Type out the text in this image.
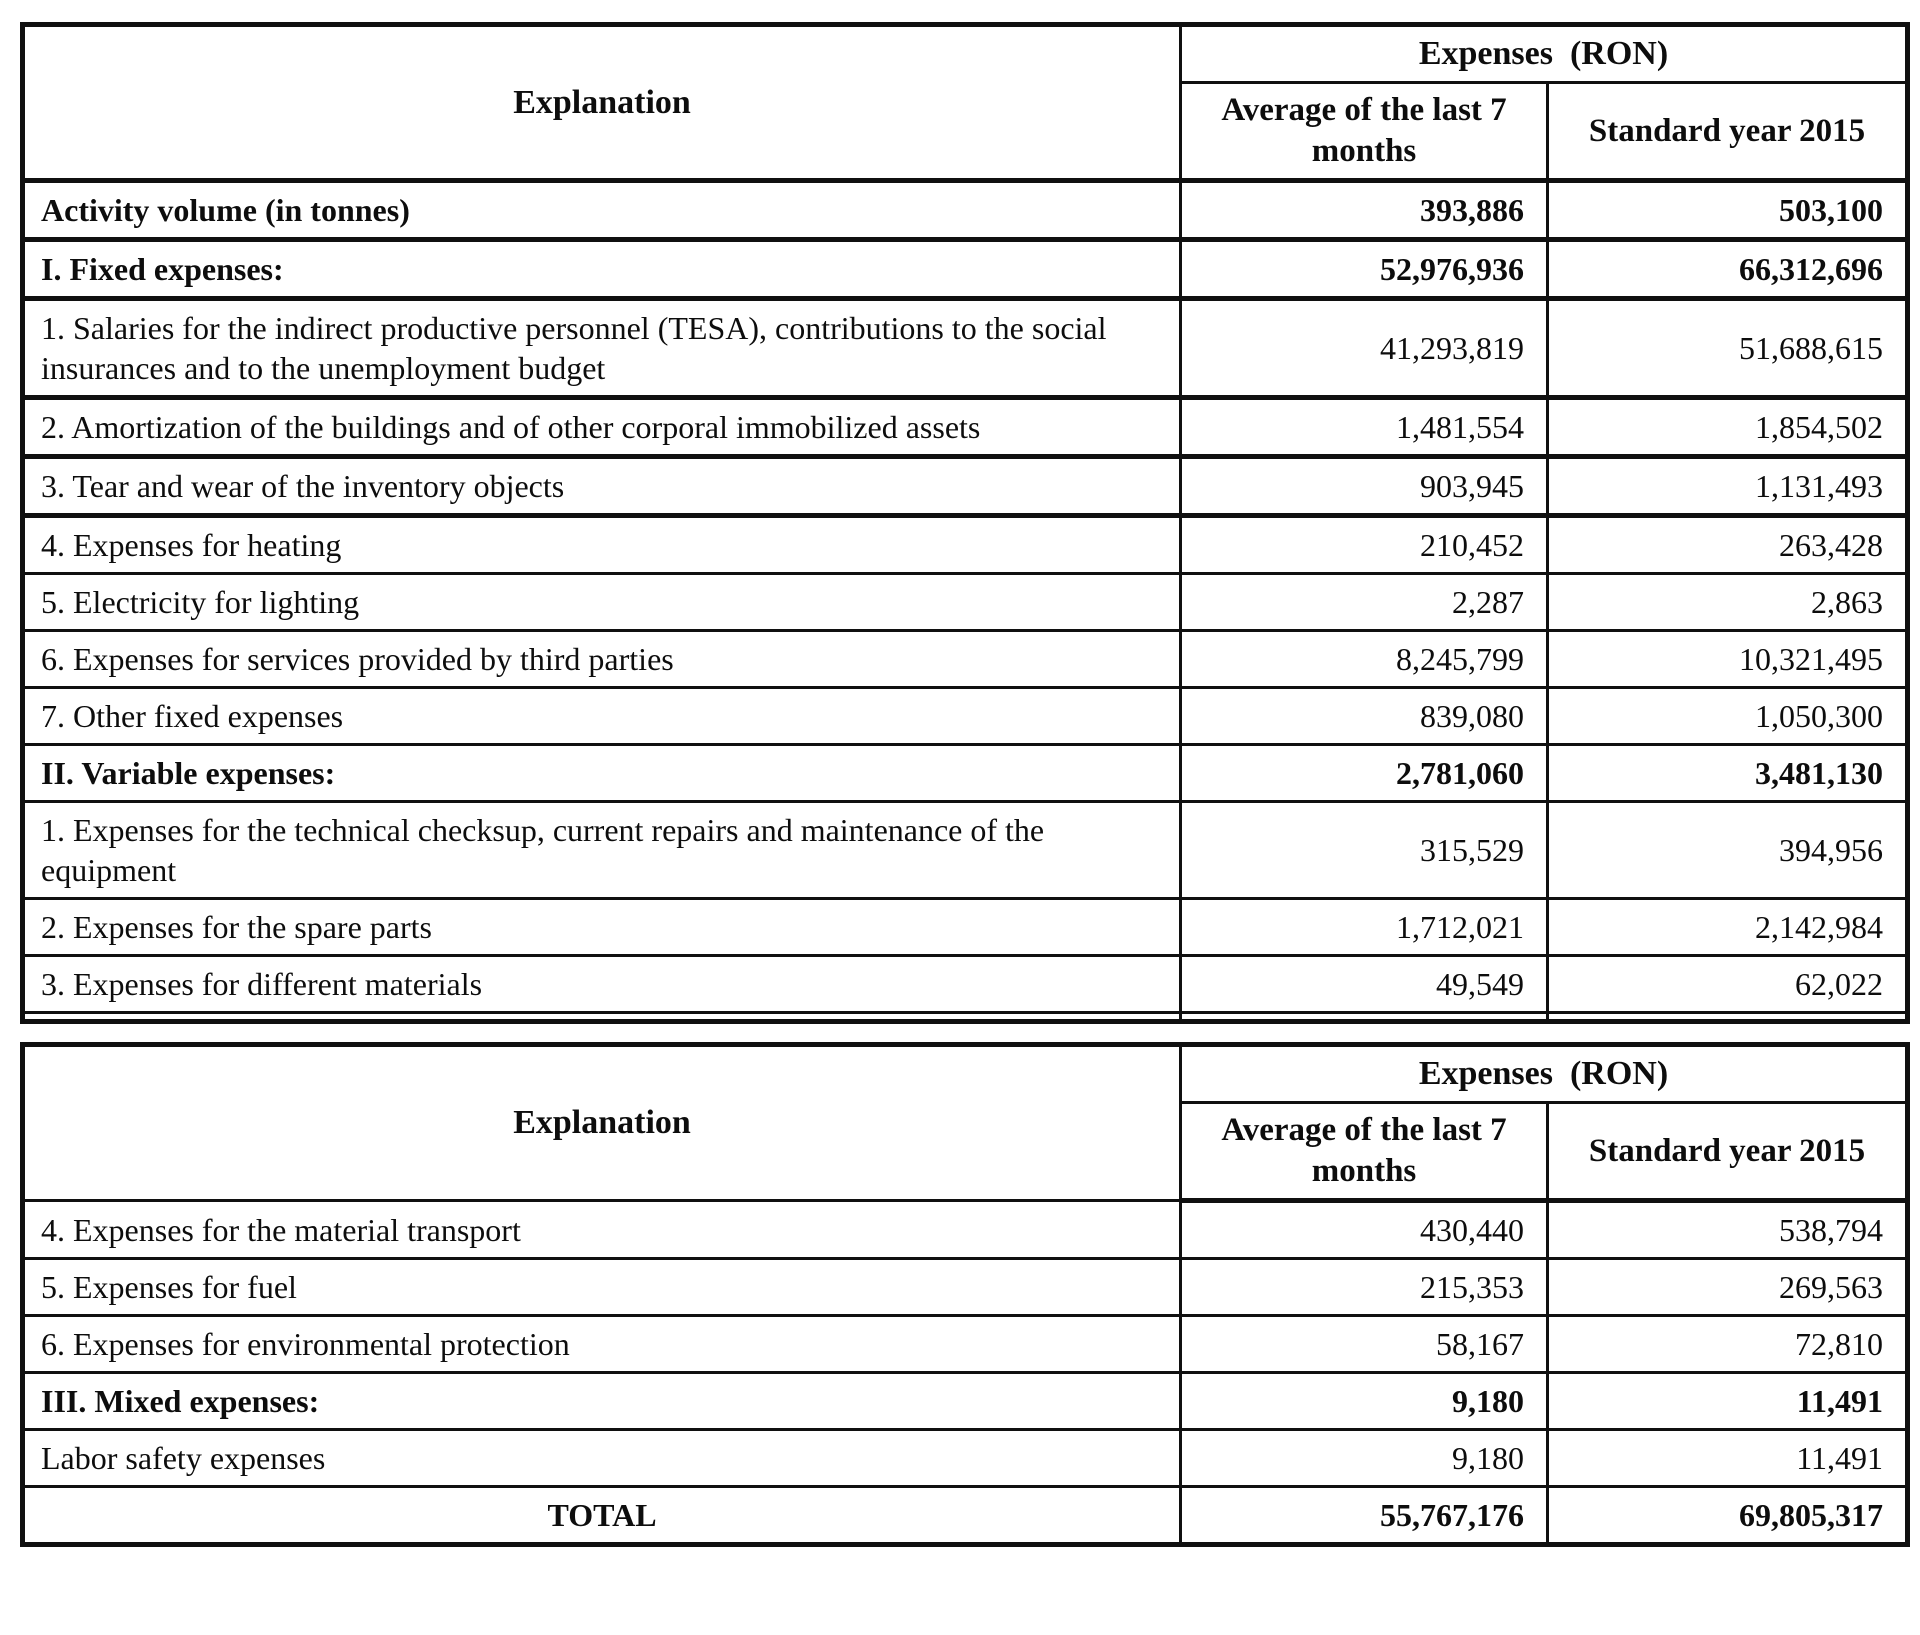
Explanation	Expenses  (RON)	
	Average of the last 7 months	Standard year 2015
Activity volume (in tonnes)	393,886	503,100
I. Fixed expenses:	52,976,936	66,312,696
1. Salaries for the indirect productive personnel (TESA), contributions to the social insurances and to the unemployment budget	41,293,819	51,688,615
2. Amortization of the buildings and of other corporal immobilized assets	1,481,554	1,854,502
3. Tear and wear of the inventory objects	903,945	1,131,493
4. Expenses for heating	210,452	263,428
5. Electricity for lighting	2,287	2,863
6. Expenses for services provided by third parties	8,245,799	10,321,495
7. Other fixed expenses	839,080	1,050,300
II. Variable expenses:	2,781,060	3,481,130
1. Expenses for the technical checksup, current repairs and maintenance of the equipment	315,529	394,956
2. Expenses for the spare parts	1,712,021	2,142,984
3. Expenses for different materials	49,549	62,022

Explanation	Expenses  (RON)	
	Average of the last 7 months	Standard year 2015
4. Expenses for the material transport	430,440	538,794
5. Expenses for fuel	215,353	269,563
6. Expenses for environmental protection	58,167	72,810
III. Mixed expenses:	9,180	11,491
Labor safety expenses	9,180	11,491
TOTAL	55,767,176	69,805,317
